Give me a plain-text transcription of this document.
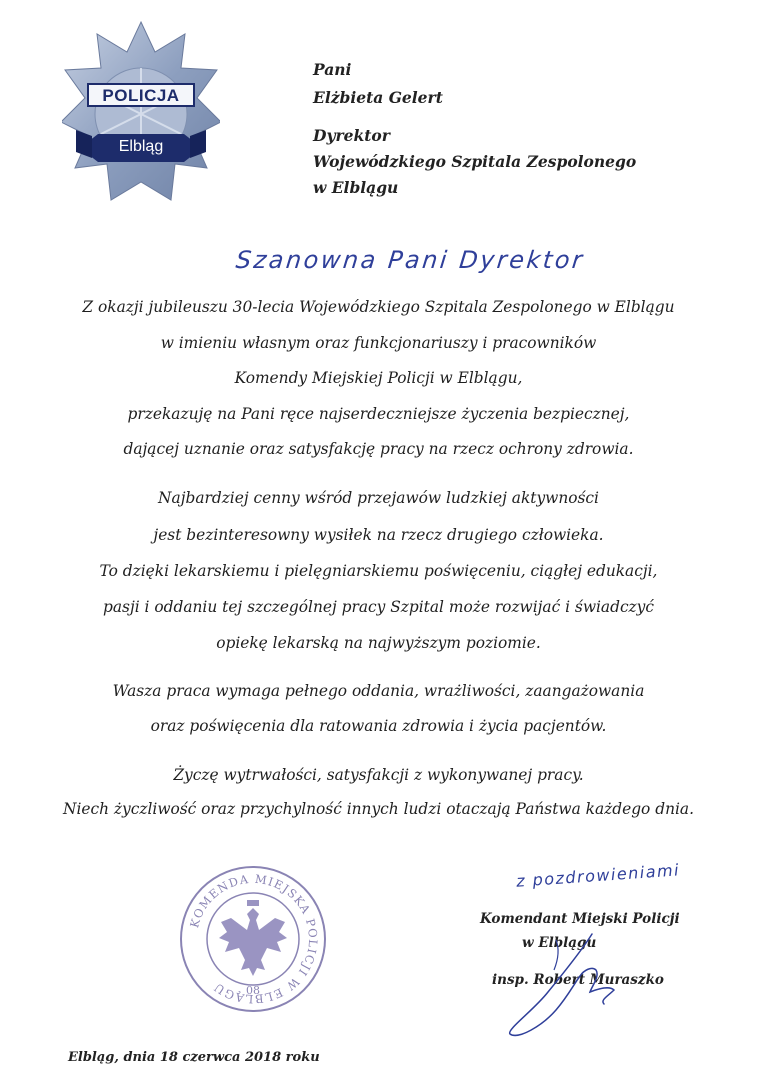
POLICJA
Elbląg
Pani
Elżbieta Gelert
Dyrektor
Wojewódzkiego Szpitala Zespolonego
w Elblągu
Szanowna Pani Dyrektor
Z okazji jubileuszu 30-lecia Wojewódzkiego Szpitala Zespolonego w Elblągu
w imieniu własnym oraz funkcjonariuszy i pracowników
Komendy Miejskiej Policji w Elblągu,
przekazuję na Pani ręce najserdeczniejsze życzenia bezpiecznej,
dającej uznanie oraz satysfakcję pracy na rzecz ochrony zdrowia.
Najbardziej cenny wśród przejawów ludzkiej aktywności
jest bezinteresowny wysiłek na rzecz drugiego człowieka.
To dzięki lekarskiemu i pielęgniarskiemu poświęceniu, ciągłej edukacji,
pasji i oddaniu tej szczególnej pracy Szpital może rozwijać i świadczyć
opiekę lekarską na najwyższym poziomie.
Wasza praca wymaga pełnego oddania, wrażliwości, zaangażowania
oraz poświęcenia dla ratowania zdrowia i życia pacjentów.
Życzę wytrwałości, satysfakcji z wykonywanej pracy.
Niech życzliwość oraz przychylność innych ludzi otaczają Państwa każdego dnia.
KOMENDA MIEJSKA POLICJI W ELBLĄGU	08
z pozdrowieniami
Komendant Miejski Policji
w Elblągu
insp. Robert Muraszko
Elbląg, dnia 18 czerwca 2018 roku
